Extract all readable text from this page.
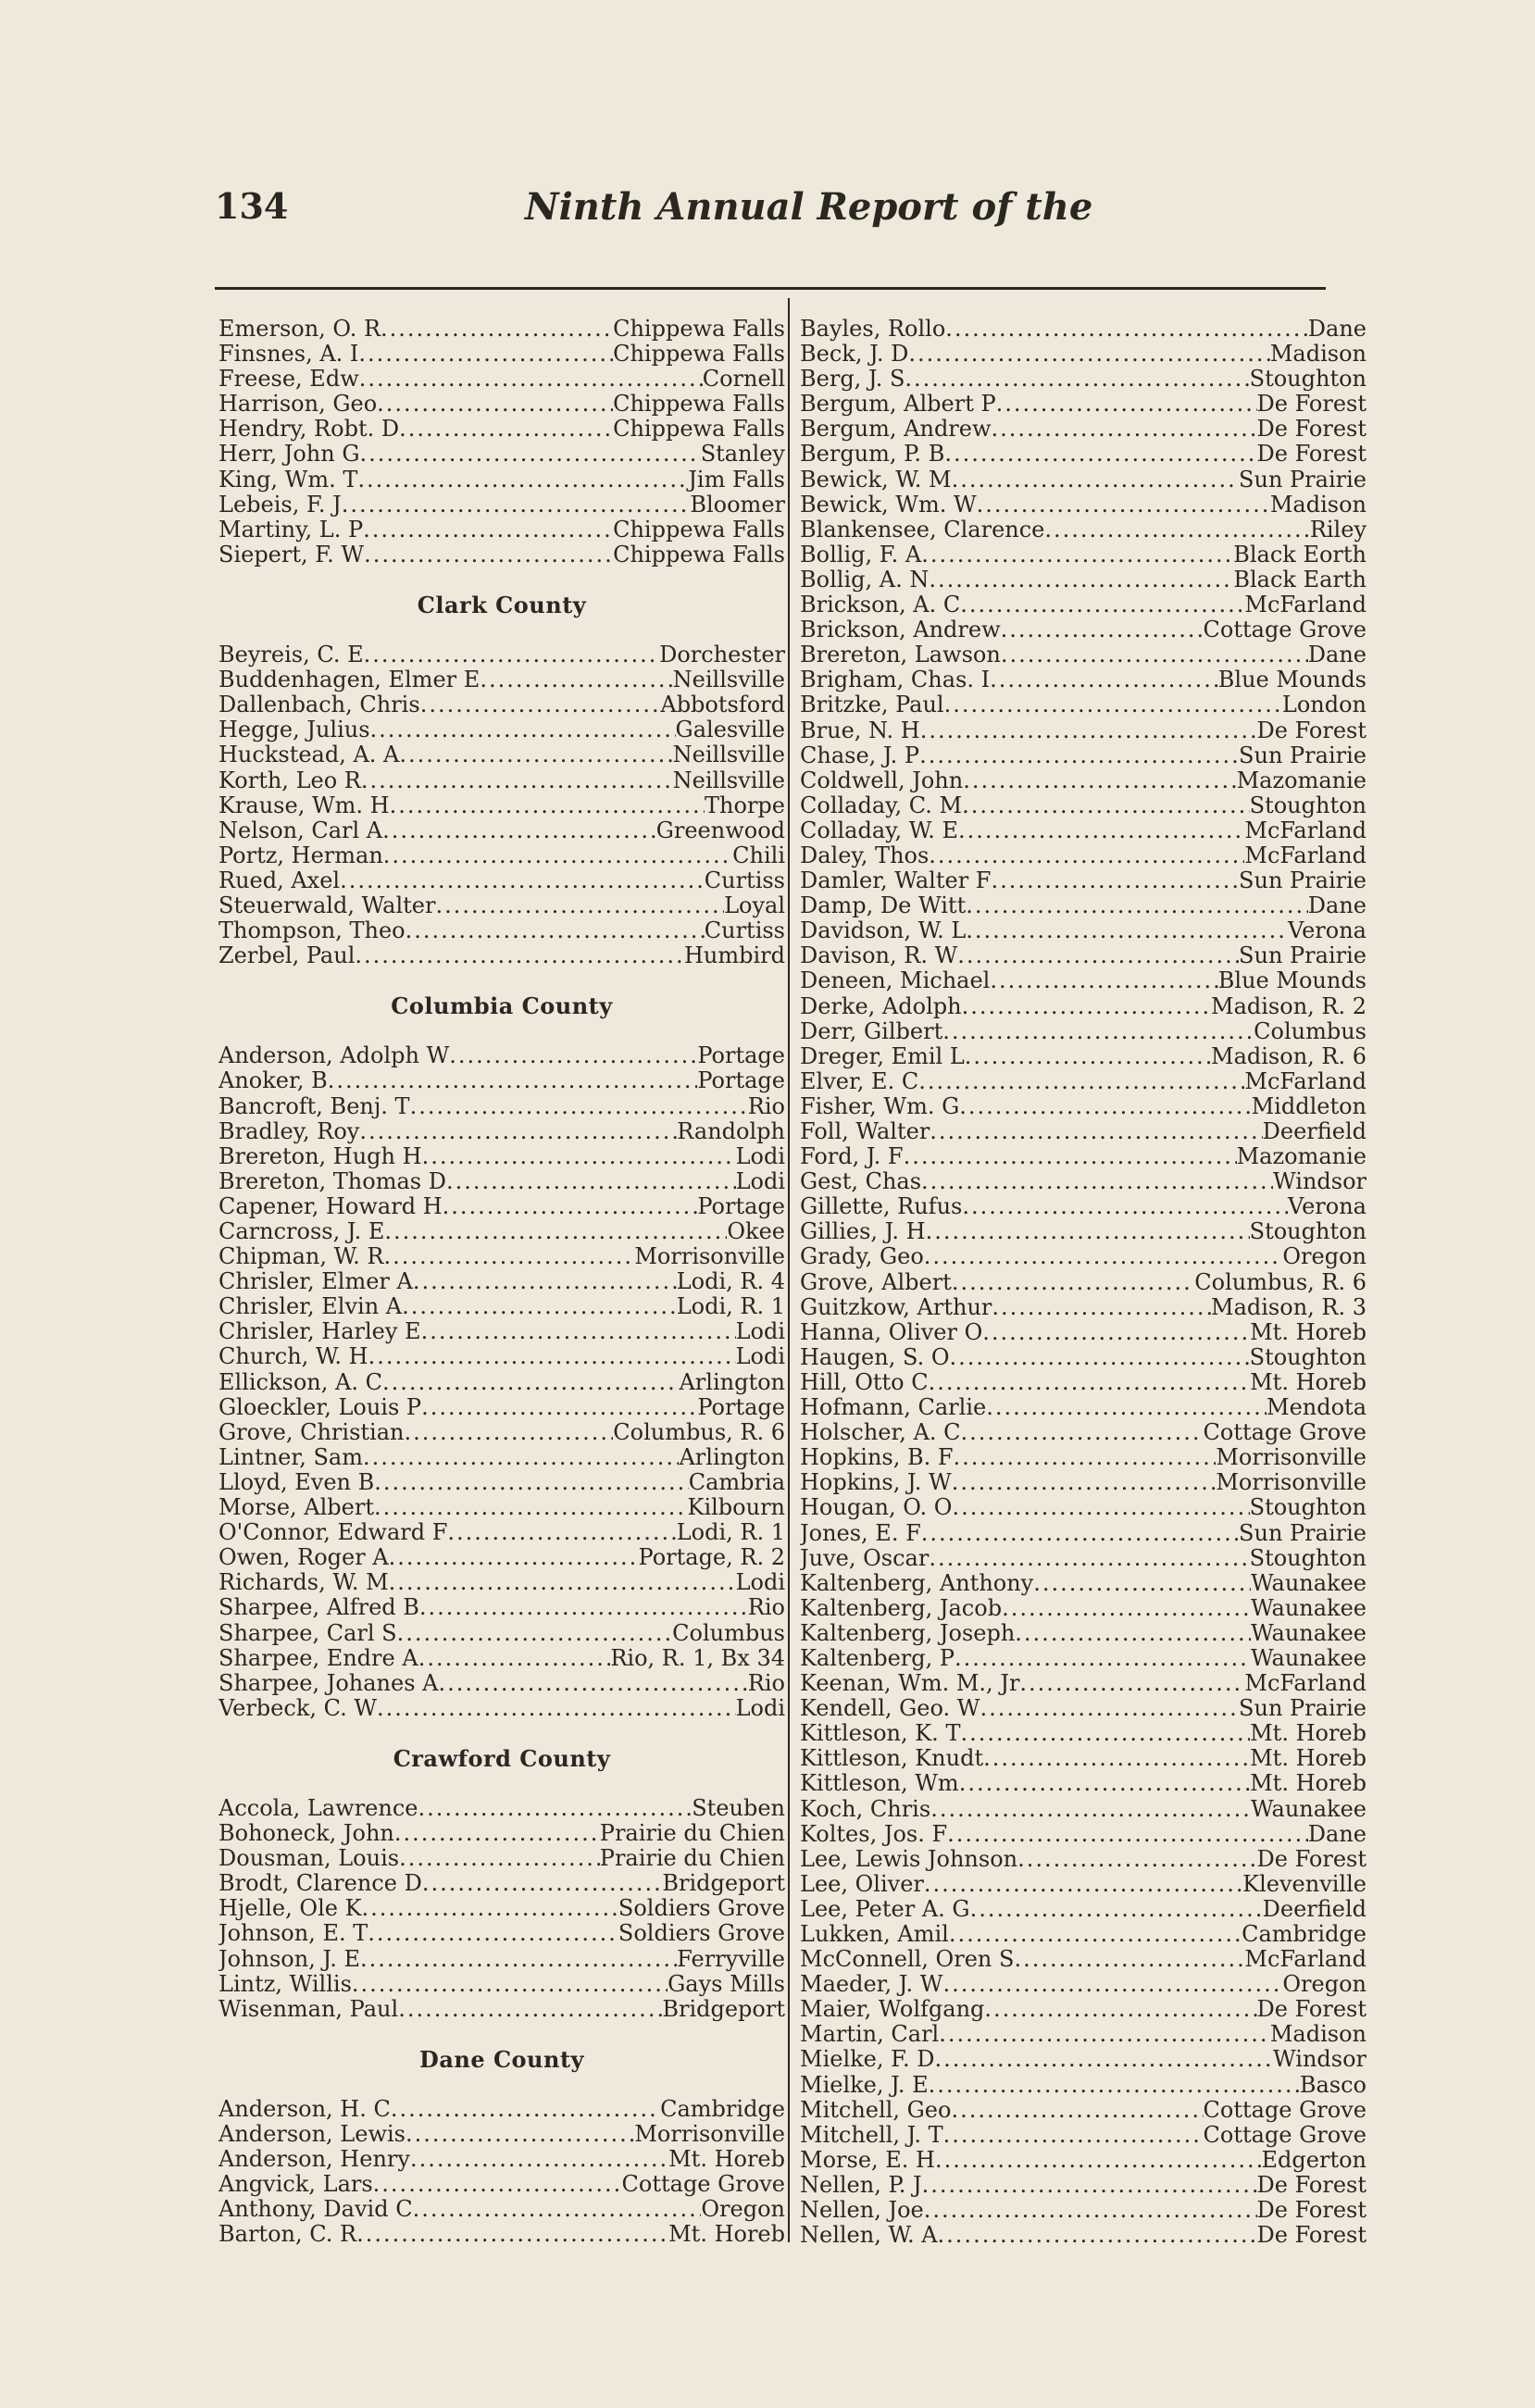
134	Ninth Annual Report of the
Emerson, O. R .....	Chippewa Falls
Finsnes, A. I .....	Chippewa Falls
Freese, Edw .....	Cornell
Harrison, Geo .....	Chippewa Falls
Hendry, Robt. D .....	Chippewa Falls
Herr, John G .....	Stanley
King, Wm. T .....	Jim Falls
Lebeis, F. J .....	Bloomer
Martiny, L. P .....	Chippewa Falls
Siepert, F. W .....	Chippewa Falls
Clark County
Beyreis, C. E .....	Dorchester
Buddenhagen, Elmer E .....	Neillsville
Dallenbach, Chris .....	Abbotsford
Hegge, Julius .....	Galesville
Huckstead, A. A .....	Neillsville
Korth, Leo R .....	Neillsville
Krause, Wm. H .....	Thorpe
Nelson, Carl A .....	Greenwood
Portz, Herman .....	Chili
Rued, Axel .....	Curtiss
Steuerwald, Walter .....	Loyal
Thompson, Theo .....	Curtiss
Zerbel, Paul .....	Humbird
Columbia County
Anderson, Adolph W .....	Portage
Anoker, B .....	Portage
Bancroft, Benj. T .....	Rio
Bradley, Roy .....	Randolph
Brereton, Hugh H .....	Lodi
Brereton, Thomas D .....	Lodi
Capener, Howard H .....	Portage
Carncross, J. E .....	Okee
Chipman, W. R .....	Morrisonville
Chrisler, Elmer A .....	Lodi, R. 4
Chrisler, Elvin A .....	Lodi, R. 1
Chrisler, Harley E .....	Lodi
Church, W. H .....	Lodi
Ellickson, A. C .....	Arlington
Gloeckler, Louis P .....	Portage
Grove, Christian .....	Columbus, R. 6
Lintner, Sam .....	Arlington
Lloyd, Even B .....	Cambria
Morse, Albert .....	Kilbourn
O'Connor, Edward F .....	Lodi, R. 1
Owen, Roger A .....	Portage, R. 2
Richards, W. M .....	Lodi
Sharpee, Alfred B .....	Rio
Sharpee, Carl S .....	Columbus
Sharpee, Endre A .....	Rio, R. 1, Bx 34
Sharpee, Johanes A .....	Rio
Verbeck, C. W .....	Lodi
Crawford County
Accola, Lawrence .....	Steuben
Bohoneck, John .....	Prairie du Chien
Dousman, Louis .....	Prairie du Chien
Brodt, Clarence D .....	Bridgeport
Hjelle, Ole K .....	Soldiers Grove
Johnson, E. T .....	Soldiers Grove
Johnson, J. E .....	Ferryville
Lintz, Willis .....	Gays Mills
Wisenman, Paul .....	Bridgeport
Dane County
Anderson, H. C .....	Cambridge
Anderson, Lewis .....	Morrisonville
Anderson, Henry .....	Mt. Horeb
Angvick, Lars .....	Cottage Grove
Anthony, David C .....	Oregon
Barton, C. R .....	Mt. Horeb
Bayles, Rollo .....	Dane
Beck, J. D .....	Madison
Berg, J. S .....	Stoughton
Bergum, Albert P .....	De Forest
Bergum, Andrew .....	De Forest
Bergum, P. B .....	De Forest
Bewick, W. M .....	Sun Prairie
Bewick, Wm. W .....	Madison
Blankensee, Clarence .....	Riley
Bollig, F. A .....	Black Eorth
Bollig, A. N .....	Black Earth
Brickson, A. C .....	McFarland
Brickson, Andrew .....	Cottage Grove
Brereton, Lawson .....	Dane
Brigham, Chas. I .....	Blue Mounds
Britzke, Paul .....	London
Brue, N. H .....	De Forest
Chase, J. P .....	Sun Prairie
Coldwell, John .....	Mazomanie
Colladay, C. M .....	Stoughton
Colladay, W. E .....	McFarland
Daley, Thos .....	McFarland
Damler, Walter F .....	Sun Prairie
Damp, De Witt .....	Dane
Davidson, W. L .....	Verona
Davison, R. W .....	Sun Prairie
Deneen, Michael .....	Blue Mounds
Derke, Adolph .....	Madison, R. 2
Derr, Gilbert .....	Columbus
Dreger, Emil L .....	Madison, R. 6
Elver, E. C .....	McFarland
Fisher, Wm. G .....	Middleton
Foll, Walter .....	Deerfield
Ford, J. F .....	Mazomanie
Gest, Chas .....	Windsor
Gillette, Rufus .....	Verona
Gillies, J. H .....	Stoughton
Grady, Geo .....	Oregon
Grove, Albert .....	Columbus, R. 6
Guitzkow, Arthur .....	Madison, R. 3
Hanna, Oliver O .....	Mt. Horeb
Haugen, S. O .....	Stoughton
Hill, Otto C .....	Mt. Horeb
Hofmann, Carlie .....	Mendota
Holscher, A. C .....	Cottage Grove
Hopkins, B. F .....	Morrisonville
Hopkins, J. W .....	Morrisonville
Hougan, O. O .....	Stoughton
Jones, E. F .....	Sun Prairie
Juve, Oscar .....	Stoughton
Kaltenberg, Anthony .....	Waunakee
Kaltenberg, Jacob .....	Waunakee
Kaltenberg, Joseph .....	Waunakee
Kaltenberg, P .....	Waunakee
Keenan, Wm. M., Jr .....	McFarland
Kendell, Geo. W .....	Sun Prairie
Kittleson, K. T .....	Mt. Horeb
Kittleson, Knudt .....	Mt. Horeb
Kittleson, Wm .....	Mt. Horeb
Koch, Chris .....	Waunakee
Koltes, Jos. F .....	Dane
Lee, Lewis Johnson .....	De Forest
Lee, Oliver .....	Klevenville
Lee, Peter A. G .....	Deerfield
Lukken, Amil .....	Cambridge
McConnell, Oren S .....	McFarland
Maeder, J. W .....	Oregon
Maier, Wolfgang .....	De Forest
Martin, Carl .....	Madison
Mielke, F. D .....	Windsor
Mielke, J. E .....	Basco
Mitchell, Geo .....	Cottage Grove
Mitchell, J. T .....	Cottage Grove
Morse, E. H .....	Edgerton
Nellen, P. J .....	De Forest
Nellen, Joe .....	De Forest
Nellen, W. A .....	De Forest
